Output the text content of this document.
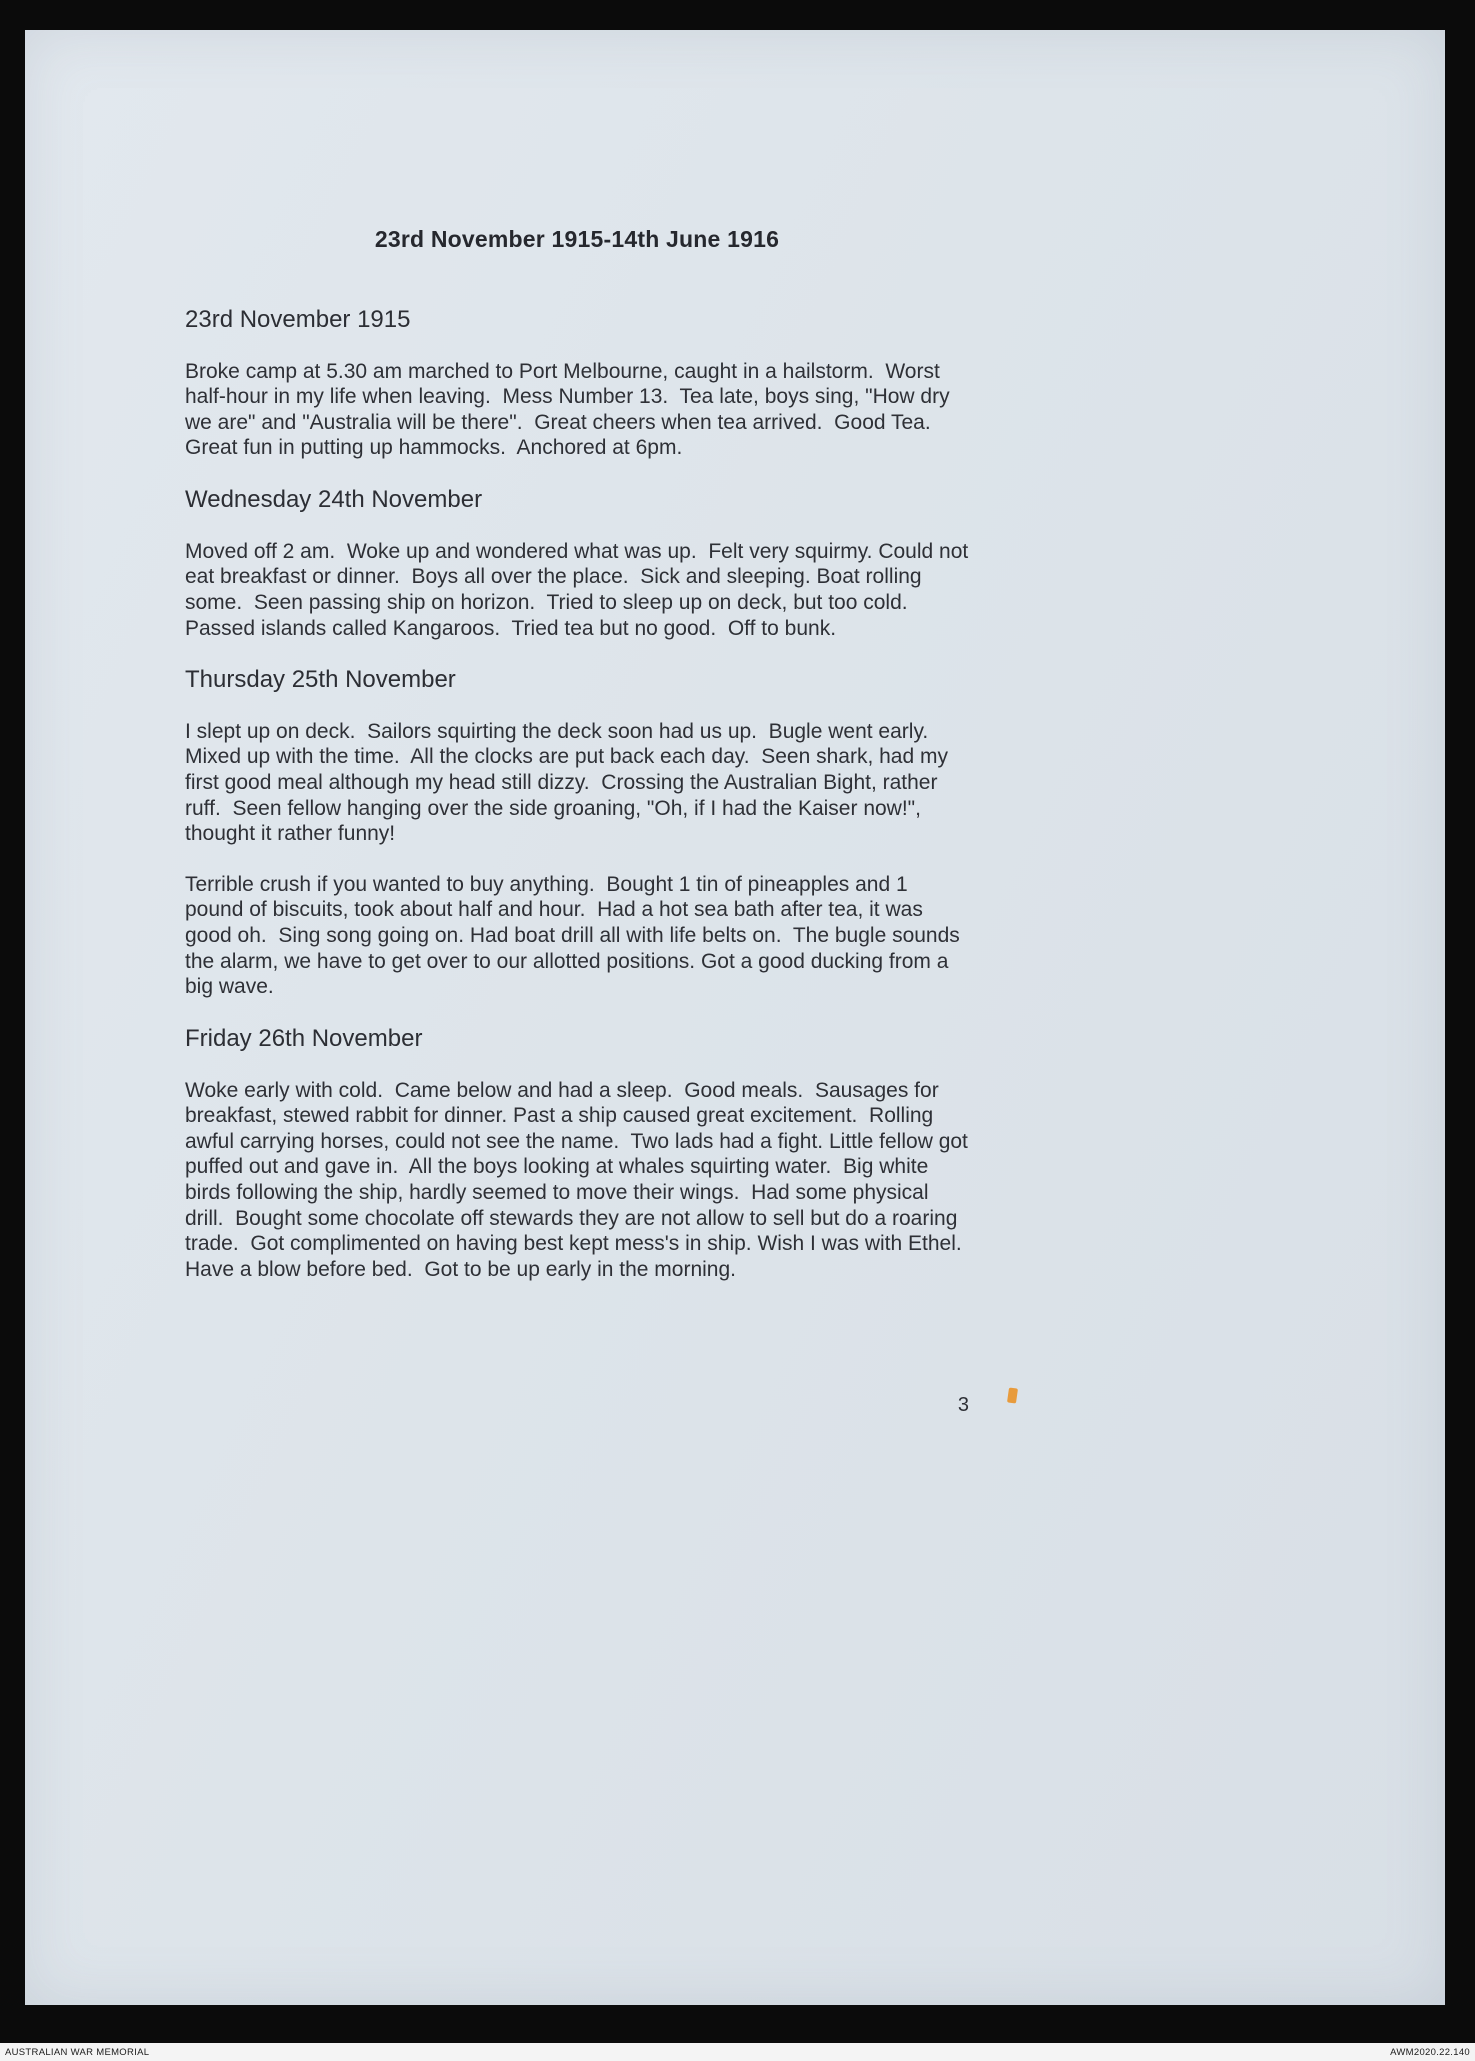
23rd November 1915-14th June 1916
23rd November 1915

Broke camp at 5.30 am marched to Port Melbourne, caught in a hailstorm.  Worst half-hour in my life when leaving.  Mess Number 13.  Tea late, boys sing, "How dry we are" and "Australia will be there".  Great cheers when tea arrived.  Good Tea.  Great fun in putting up hammocks.  Anchored at 6pm.

Wednesday 24th November

Moved off 2 am.  Woke up and wondered what was up.  Felt very squirmy. Could not eat breakfast or dinner.  Boys all over the place.  Sick and sleeping. Boat rolling some.  Seen passing ship on horizon.  Tried to sleep up on deck, but too cold.  Passed islands called Kangaroos.  Tried tea but no good.  Off to bunk.

Thursday 25th November

I slept up on deck.  Sailors squirting the deck soon had us up.  Bugle went early. Mixed up with the time.  All the clocks are put back each day.  Seen shark, had my first good meal although my head still dizzy.  Crossing the Australian Bight, rather ruff.  Seen fellow hanging over the side groaning, "Oh, if I had the Kaiser now!", thought it rather funny!

Terrible crush if you wanted to buy anything.  Bought 1 tin of pineapples and 1 pound of biscuits, took about half and hour.  Had a hot sea bath after tea, it was good oh.  Sing song going on. Had boat drill all with life belts on.  The bugle sounds the alarm, we have to get over to our allotted positions. Got a good ducking from a big wave.

Friday 26th November

Woke early with cold.  Came below and had a sleep.  Good meals.  Sausages for breakfast, stewed rabbit for dinner. Past a ship caused great excitement.  Rolling awful carrying horses, could not see the name.  Two lads had a fight. Little fellow got puffed out and gave in.  All the boys looking at whales squirting water.  Big white birds following the ship, hardly seemed to move their wings.  Had some physical drill.  Bought some chocolate off stewards they are not allow to sell but do a roaring trade.  Got complimented on having best kept mess's in ship. Wish I was with Ethel.  Have a blow before bed.  Got to be up early in the morning.

3
AUSTRALIAN WAR MEMORIAL	AWM2020.22.140
